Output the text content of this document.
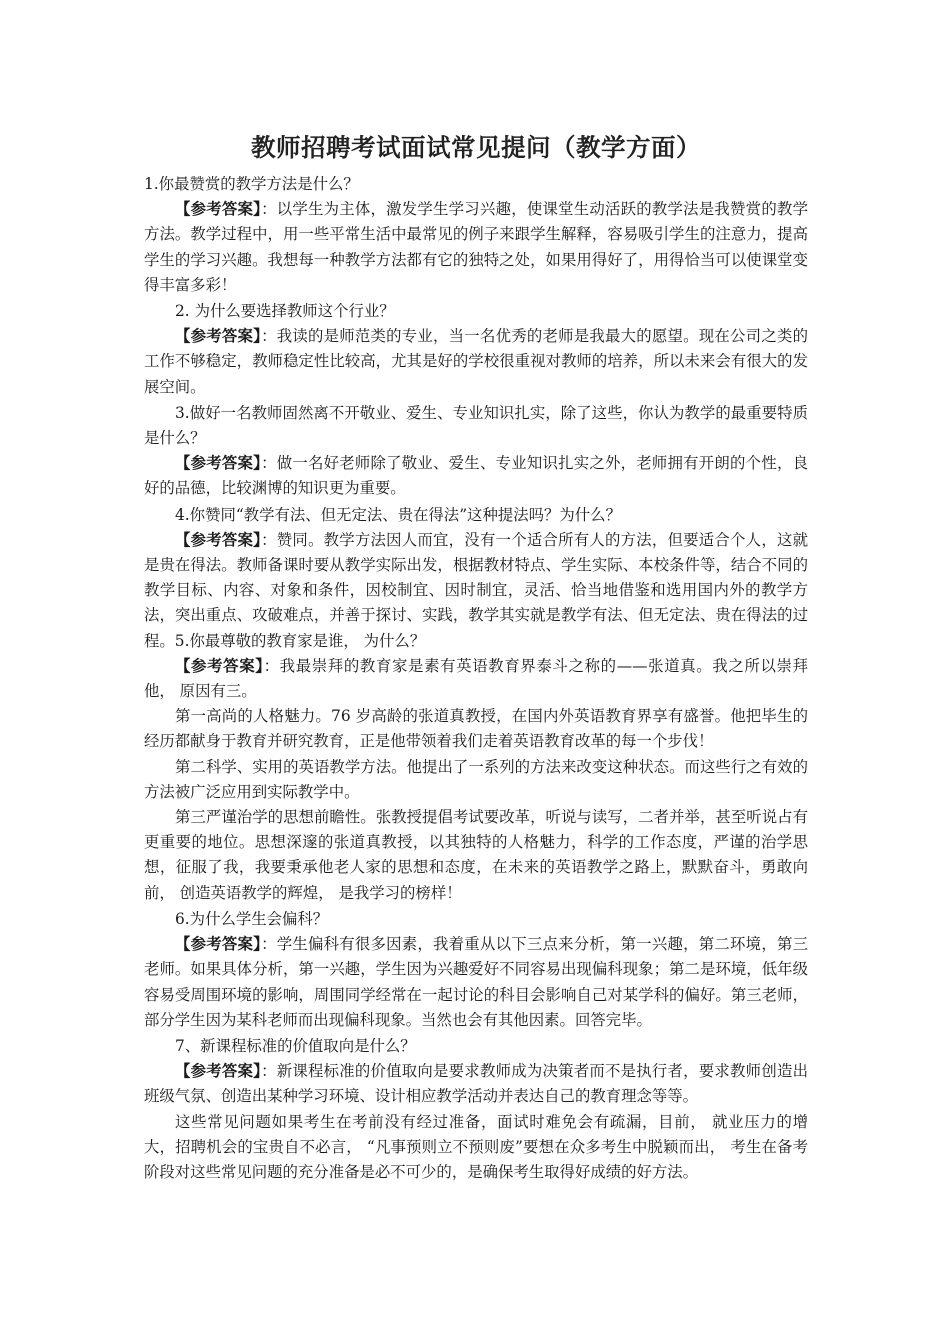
教师招聘考试面试常见提问（教学方面）

1.你最赞赏的教学方法是什么？

【参考答案】：以学生为主体，激发学生学习兴趣，使课堂生动活跃的教学法是我赞赏的教学方法。教学过程中，用一些平常生活中最常见的例子来跟学生解释，容易吸引学生的注意力，提高学生的学习兴趣。我想每一种教学方法都有它的独特之处，如果用得好了，用得恰当可以使课堂变得丰富多彩！

2. 为什么要选择教师这个行业？

【参考答案】：我读的是师范类的专业，当一名优秀的老师是我最大的愿望。现在公司之类的工作不够稳定，教师稳定性比较高，尤其是好的学校很重视对教师的培养，所以未来会有很大的发展空间。

3.做好一名教师固然离不开敬业、爱生、专业知识扎实，除了这些，你认为教学的最重要特质是什么？

【参考答案】：做一名好老师除了敬业、爱生、专业知识扎实之外，老师拥有开朗的个性，良好的品德，比较渊博的知识更为重要。

4.你赞同“教学有法、但无定法、贵在得法”这种提法吗？为什么？

【参考答案】：赞同。教学方法因人而宜，没有一个适合所有人的方法，但要适合个人，这就是贵在得法。教师备课时要从教学实际出发，根据教材特点、学生实际、本校条件等，结合不同的教学目标、内容、对象和条件，因校制宜、因时制宜，灵活、恰当地借鉴和选用国内外的教学方法，突出重点、攻破难点，并善于探讨、实践，教学其实就是教学有法、但无定法、贵在得法的过程。5.你最尊敬的教育家是谁， 为什么？

【参考答案】：我最崇拜的教育家是素有英语教育界泰斗之称的——张道真。我之所以崇拜他， 原因有三。

第一高尚的人格魅力。76 岁高龄的张道真教授，在国内外英语教育界享有盛誉。他把毕生的经历都献身于教育并研究教育，正是他带领着我们走着英语教育改革的每一个步伐！

第二科学、实用的英语教学方法。他提出了一系列的方法来改变这种状态。而这些行之有效的方法被广泛应用到实际教学中。

第三严谨治学的思想前瞻性。张教授提倡考试要改革，听说与读写，二者并举，甚至听说占有更重要的地位。思想深邃的张道真教授，以其独特的人格魅力，科学的工作态度，严谨的治学思想，征服了我，我要秉承他老人家的思想和态度，在未来的英语教学之路上，默默奋斗，勇敢向前， 创造英语教学的辉煌， 是我学习的榜样！

6.为什么学生会偏科？

【参考答案】：学生偏科有很多因素，我着重从以下三点来分析，第一兴趣，第二环境，第三老师。如果具体分析，第一兴趣，学生因为兴趣爱好不同容易出现偏科现象；第二是环境，低年级容易受周围环境的影响，周围同学经常在一起讨论的科目会影响自己对某学科的偏好。第三老师，部分学生因为某科老师而出现偏科现象。当然也会有其他因素。回答完毕。

7、新课程标准的价值取向是什么？

【参考答案】：新课程标准的价值取向是要求教师成为决策者而不是执行者，要求教师创造出班级气氛、创造出某种学习环境、设计相应教学活动并表达自己的教育理念等等。

这些常见问题如果考生在考前没有经过准备，面试时难免会有疏漏，目前， 就业压力的增大，招聘机会的宝贵自不必言， “凡事预则立不预则废”要想在众多考生中脱颖而出， 考生在备考阶段对这些常见问题的充分准备是必不可少的，是确保考生取得好成绩的好方法。
